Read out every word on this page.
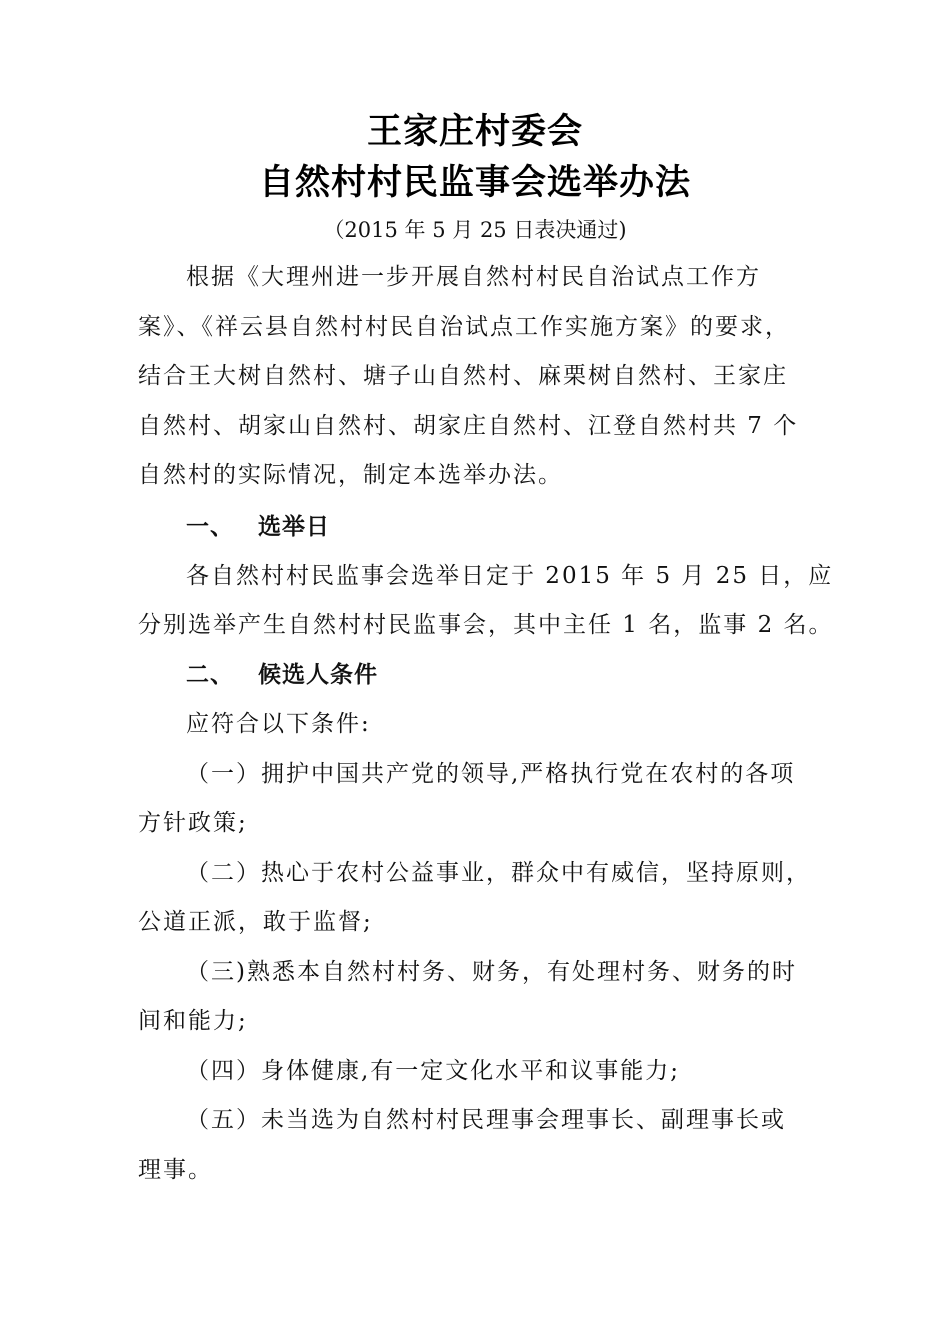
王家庄村委会
自然村村民监事会选举办法
（2015 年 5 月 25 日表决通过)
根据《大理州进一步开展自然村村民自治试点工作方
案》、《祥云县自然村村民自治试点工作实施方案》的要求，
结合王大树自然村、塘子山自然村、麻栗树自然村、王家庄
自然村、胡家山自然村、胡家庄自然村、江登自然村共 7 个
自然村的实际情况，制定本选举办法。
一、 选举日
各自然村村民监事会选举日定于 2015 年 5 月 25 日，应
分别选举产生自然村村民监事会，其中主任 1 名，监事 2 名。
二、 候选人条件
应符合以下条件:
（一）拥护中国共产党的领导,严格执行党在农村的各项
方针政策;
（二）热心于农村公益事业，群众中有威信，坚持原则，
公道正派，敢于监督;
（三)熟悉本自然村村务、财务，有处理村务、财务的时
间和能力;
（四）身体健康,有一定文化水平和议事能力;
（五）未当选为自然村村民理事会理事长、副理事长或
理事。
